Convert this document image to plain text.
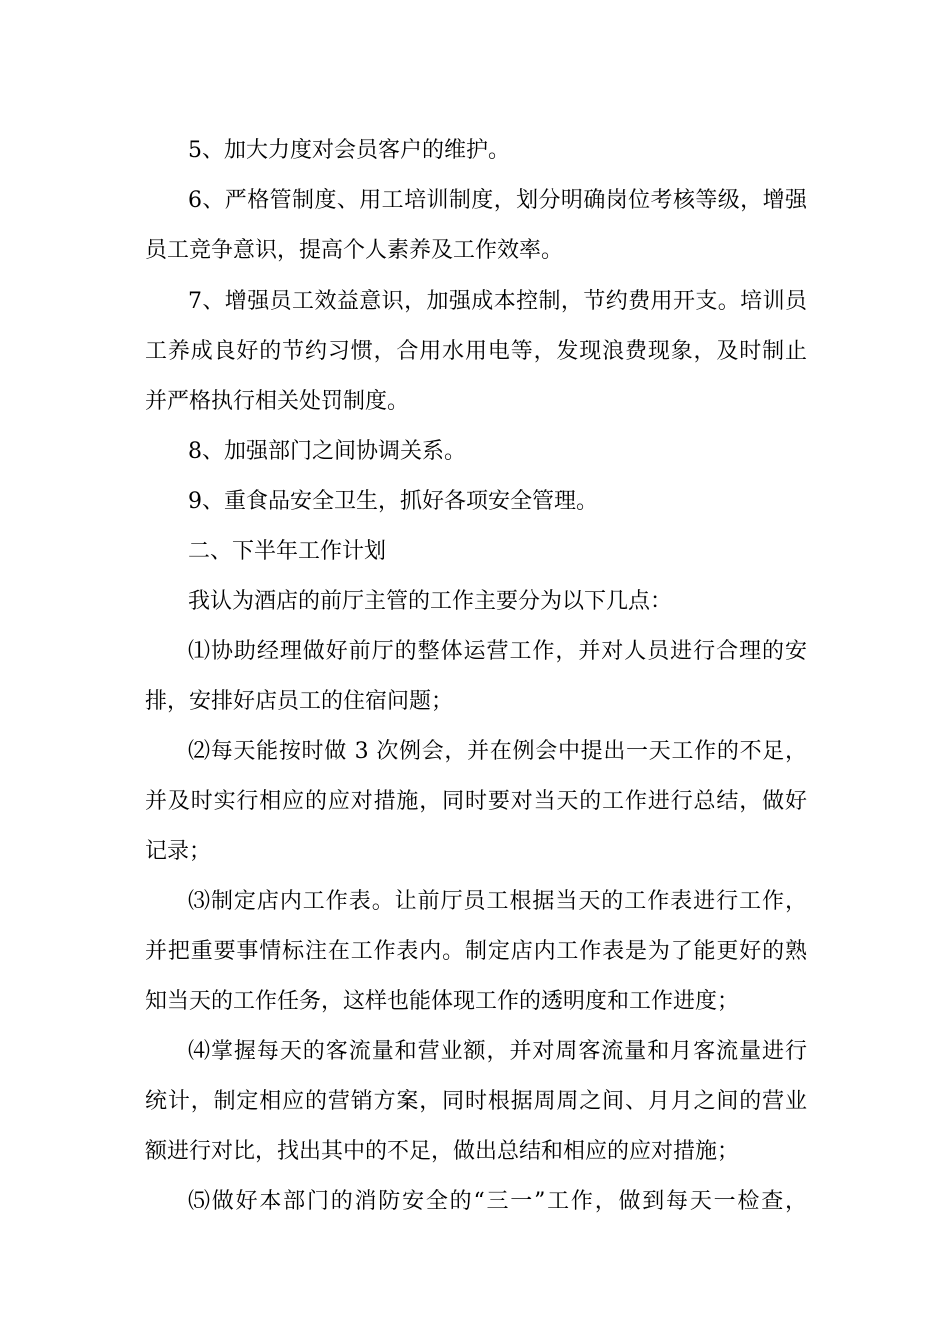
5、加大力度对会员客户的维护。
6、严格管制度、用工培训制度，划分明确岗位考核等级，增强
员工竞争意识，提高个人素养及工作效率。
7、增强员工效益意识，加强成本控制，节约费用开支。培训员
工养成良好的节约习惯，合用水用电等，发现浪费现象，及时制止
并严格执行相关处罚制度。
8、加强部门之间协调关系。
9、重食品安全卫生，抓好各项安全管理。
二、下半年工作计划
我认为酒店的前厅主管的工作主要分为以下几点：
⑴协助经理做好前厅的整体运营工作，并对人员进行合理的安
排，安排好店员工的住宿问题；
⑵每天能按时做 3 次例会，并在例会中提出一天工作的不足，
并及时实行相应的应对措施，同时要对当天的工作进行总结，做好
记录；
⑶制定店内工作表。让前厅员工根据当天的工作表进行工作，
并把重要事情标注在工作表内。制定店内工作表是为了能更好的熟
知当天的工作任务，这样也能体现工作的透明度和工作进度；
⑷掌握每天的客流量和营业额，并对周客流量和月客流量进行
统计，制定相应的营销方案，同时根据周周之间、月月之间的营业
额进行对比，找出其中的不足，做出总结和相应的应对措施；
⑸做好本部门的消防安全的“三一”工作，做到每天一检查，
